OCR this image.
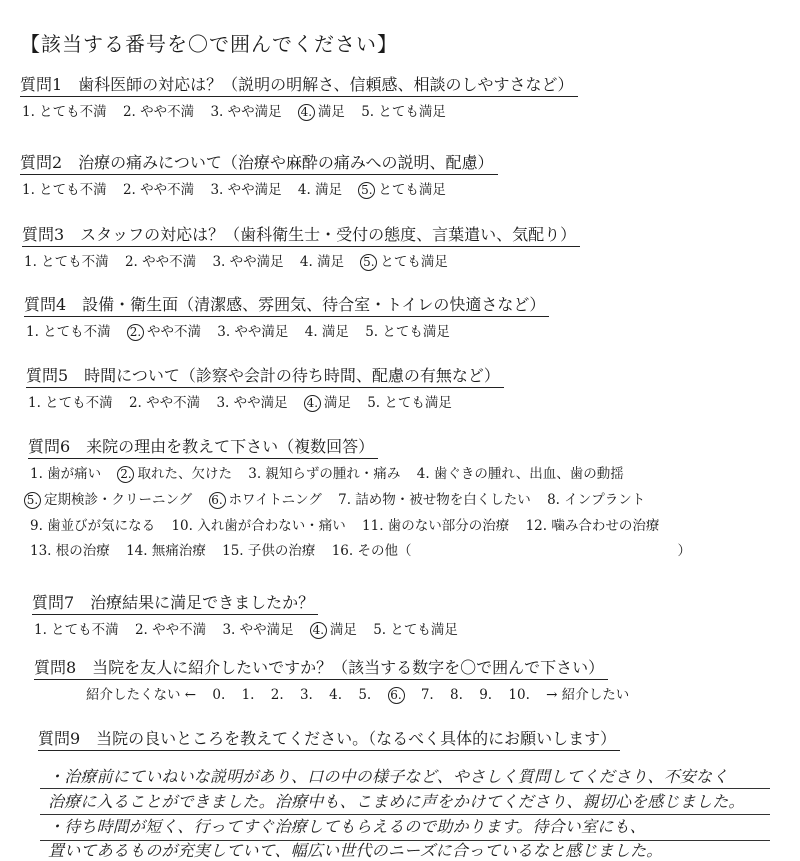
【該当する番号を〇で囲んでください】
質問1　歯科医師の対応は？（説明の明解さ、信頼感、相談のしやすさなど）
1. とても不満 2. やや不満 3. やや満足 4. 満足 5. とても満足
質問2　治療の痛みについて（治療や麻酔の痛みへの説明、配慮）
1. とても不満 2. やや不満 3. やや満足 4. 満足 5. とても満足
質問3　スタッフの対応は？（歯科衛生士・受付の態度、言葉遣い、気配り）
1. とても不満 2. やや不満 3. やや満足 4. 満足 5. とても満足
質問4　設備・衛生面（清潔感、雰囲気、待合室・トイレの快適さなど）
1. とても不満 2. やや不満 3. やや満足 4. 満足 5. とても満足
質問5　時間について（診察や会計の待ち時間、配慮の有無など）
1. とても不満 2. やや不満 3. やや満足 4. 満足 5. とても満足
質問6　来院の理由を教えて下さい（複数回答）
1. 歯が痛い 2. 取れた、欠けた 3. 親知らずの腫れ・痛み 4. 歯ぐきの腫れ、出血、歯の動揺
5. 定期検診・クリーニング 6. ホワイトニング 7. 詰め物・被せ物を白くしたい 8. インプラント
9. 歯並びが気になる 10. 入れ歯が合わない・痛い 11. 歯のない部分の治療 12. 噛み合わせの治療
13. 根の治療 14. 無痛治療 15. 子供の治療 16. その他（	）
質問7　治療結果に満足できましたか？
1. とても不満 2. やや不満 3. やや満足 4. 満足 5. とても満足
質問8　当院を友人に紹介したいですか？（該当する数字を〇で囲んで下さい）
紹介したくない ← 0. 1. 2. 3. 4. 5. 6. 7. 8. 9. 10. → 紹介したい
質問9　当院の良いところを教えてください。（なるべく具体的にお願いします）
・治療前にていねいな説明があり、口の中の様子など、やさしく質問してくださり、不安なく
治療に入ることができました。治療中も、こまめに声をかけてくださり、親切心を感じました。
・待ち時間が短く、行ってすぐ治療してもらえるので助かります。待合い室にも、
置いてあるものが充実していて、幅広い世代のニーズに合っているなと感じました。
